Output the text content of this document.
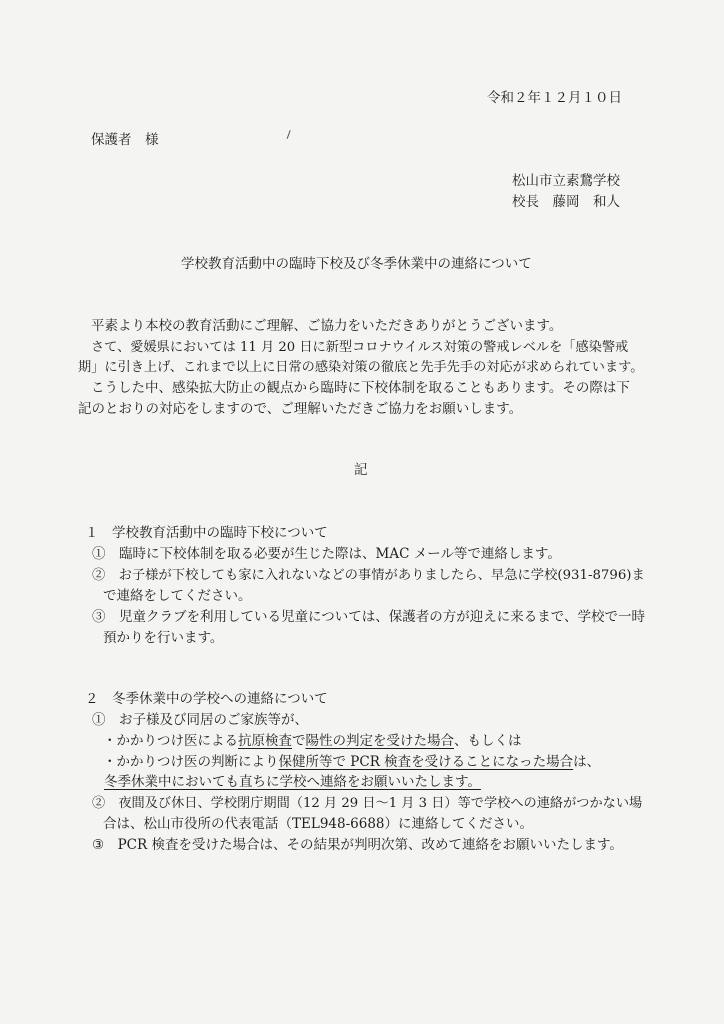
令和２年１２月１０日
保護者　様
松山市立素鵞学校
校長　藤岡　和人
学校教育活動中の臨時下校及び冬季休業中の連絡について
平素より本校の教育活動にご理解、ご協力をいただきありがとうございます。
さて、愛媛県においては 11 月 20 日に新型コロナウイルス対策の警戒レベルを「感染警戒
期」に引き上げ、これまで以上に日常の感染対策の徹底と先手先手の対応が求められています。
こうした中、感染拡大防止の観点から臨時に下校体制を取ることもあります。その際は下
記のとおりの対応をしますので、ご理解いただきご協力をお願いします。
記
１　学校教育活動中の臨時下校について
①　臨時に下校体制を取る必要が生じた際は、MAC メール等で連絡します。
②　お子様が下校しても家に入れないなどの事情がありましたら、早急に学校(931-8796)ま
で連絡をしてください。
③　児童クラブを利用している児童については、保護者の方が迎えに来るまで、学校で一時
預かりを行います。
２　冬季休業中の学校への連絡について
①　お子様及び同居のご家族等が、
・かかりつけ医による抗原検査で陽性の判定を受けた場合、もしくは
・かかりつけ医の判断により保健所等で PCR 検査を受けることになった場合は、
冬季休業中においても直ちに学校へ連絡をお願いいたします。
②　夜間及び休日、学校閉庁期間（12 月 29 日～1 月 3 日）等で学校への連絡がつかない場
合は、松山市役所の代表電話（TEL948-6688）に連絡してください。
③　PCR 検査を受けた場合は、その結果が判明次第、改めて連絡をお願いいたします。
